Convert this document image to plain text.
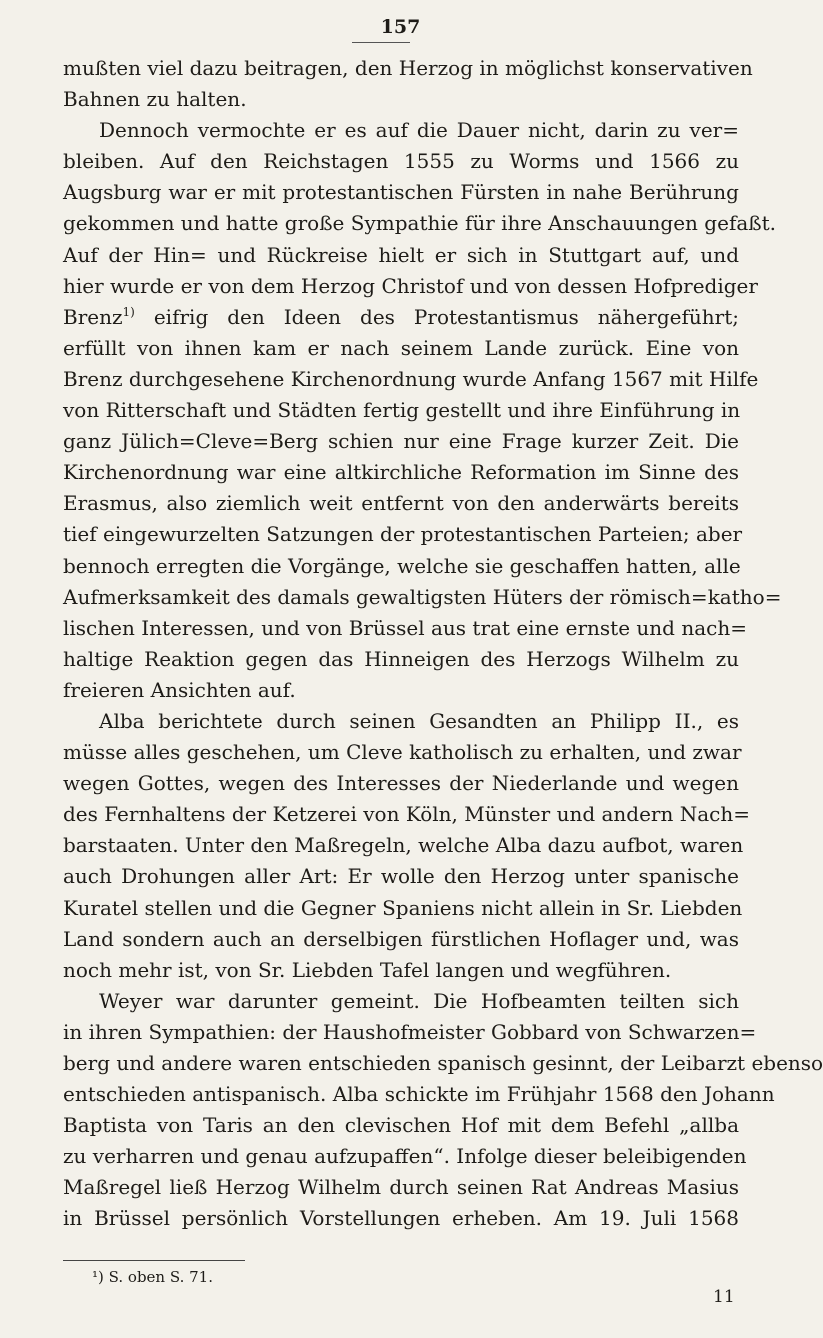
157
mußten viel dazu beitragen, den Herzog in möglichst konservativen
Bahnen zu halten.
Dennoch vermochte er es auf die Dauer nicht, darin zu ver=
bleiben. Auf den Reichstagen 1555 zu Worms und 1566 zu
Augsburg war er mit protestantischen Fürsten in nahe Berührung
gekommen und hatte große Sympathie für ihre Anschauungen gefaßt.
Auf der Hin= und Rückreise hielt er sich in Stuttgart auf, und
hier wurde er von dem Herzog Christof und von dessen Hofprediger
Brenz$^{1)}$ eifrig den Ideen des Protestantismus nähergeführt;
erfüllt von ihnen kam er nach seinem Lande zurück. Eine von
Brenz durchgesehene Kirchenordnung wurde Anfang 1567 mit Hilfe
von Ritterschaft und Städten fertig gestellt und ihre Einführung in
ganz Jülich=Cleve=Berg schien nur eine Frage kurzer Zeit. Die
Kirchenordnung war eine altkirchliche Reformation im Sinne des
Erasmus, also ziemlich weit entfernt von den anderwärts bereits
tief eingewurzelten Satzungen der protestantischen Parteien; aber
bennoch erregten die Vorgänge, welche sie geschaffen hatten, alle
Aufmerksamkeit des damals gewaltigsten Hüters der römisch=katho=
lischen Interessen, und von Brüssel aus trat eine ernste und nach=
haltige Reaktion gegen das Hinneigen des Herzogs Wilhelm zu
freieren Ansichten auf.
Alba berichtete durch seinen Gesandten an Philipp II., es
müsse alles geschehen, um Cleve katholisch zu erhalten, und zwar
wegen Gottes, wegen des Interesses der Niederlande und wegen
des Fernhaltens der Ketzerei von Köln, Münster und andern Nach=
barstaaten. Unter den Maßregeln, welche Alba dazu aufbot, waren
auch Drohungen aller Art: Er wolle den Herzog unter spanische
Kuratel stellen und die Gegner Spaniens nicht allein in Sr. Liebden
Land sondern auch an derselbigen fürstlichen Hoflager und, was
noch mehr ist, von Sr. Liebden Tafel langen und wegführen.
Weyer war darunter gemeint. Die Hofbeamten teilten sich
in ihren Sympathien: der Haushofmeister Gobbard von Schwarzen=
berg und andere waren entschieden spanisch gesinnt, der Leibarzt ebenso
entschieden antispanisch. Alba schickte im Frühjahr 1568 den Johann
Baptista von Taris an den clevischen Hof mit dem Befehl „allba
zu verharren und genau aufzupaffen“. Infolge dieser beleibigenden
Maßregel ließ Herzog Wilhelm durch seinen Rat Andreas Masius
in Brüssel persönlich Vorstellungen erheben. Am 19. Juli 1568
¹) S. oben S. 71.
11
